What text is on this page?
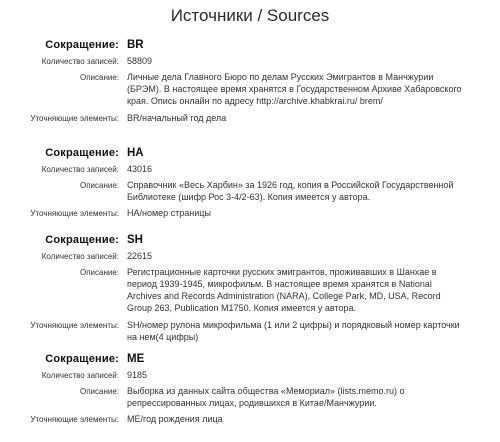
Источники / Sources
Сокращение: BR
Количество записей: 58809
Описание: Личные дела Главного Бюро по делам Русских Эмигрантов в Манчжурии (БРЭМ). В настоящее время хранятся в Государственном Архиве Хабаровского края. Опись онлайн по адресу http://archive.khabkrai.ru/ brem/
Уточняющие элементы: BR/начальный год дела
Сокращение: HA
Количество записей: 43016
Описание: Справочник «Весь Харбин» за 1926 год, копия в Российской Государственной Библиотеке (шифр Рос 3-4/2-63). Копия имеется у автора.
Уточняющие элементы: HA/номер страницы
Сокращение: SH
Количество записей: 22615
Описание: Регистрационные карточки русских эмигрантов, проживавших в Шанхае в период 1939-1945, микрофильм. В настоящее время хранятся в National Archives and Records Administration (NARA), College Park, MD, USA, Record Group 263, Publication M1750. Копия имеется у автора.
Уточняющие элементы: SH/номер рулона микрофильма (1 или 2 цифры) и порядковый номер карточки на нем(4 цифры)
Сокращение: ME
Количество записей: 9185
Описание: Выборка из данных сайта общества «Мемориал» (lists.memo.ru) о репрессированных лицах, родившихся в Китае/Манчжурии.
Уточняющие элементы: ME/год рождения лица
